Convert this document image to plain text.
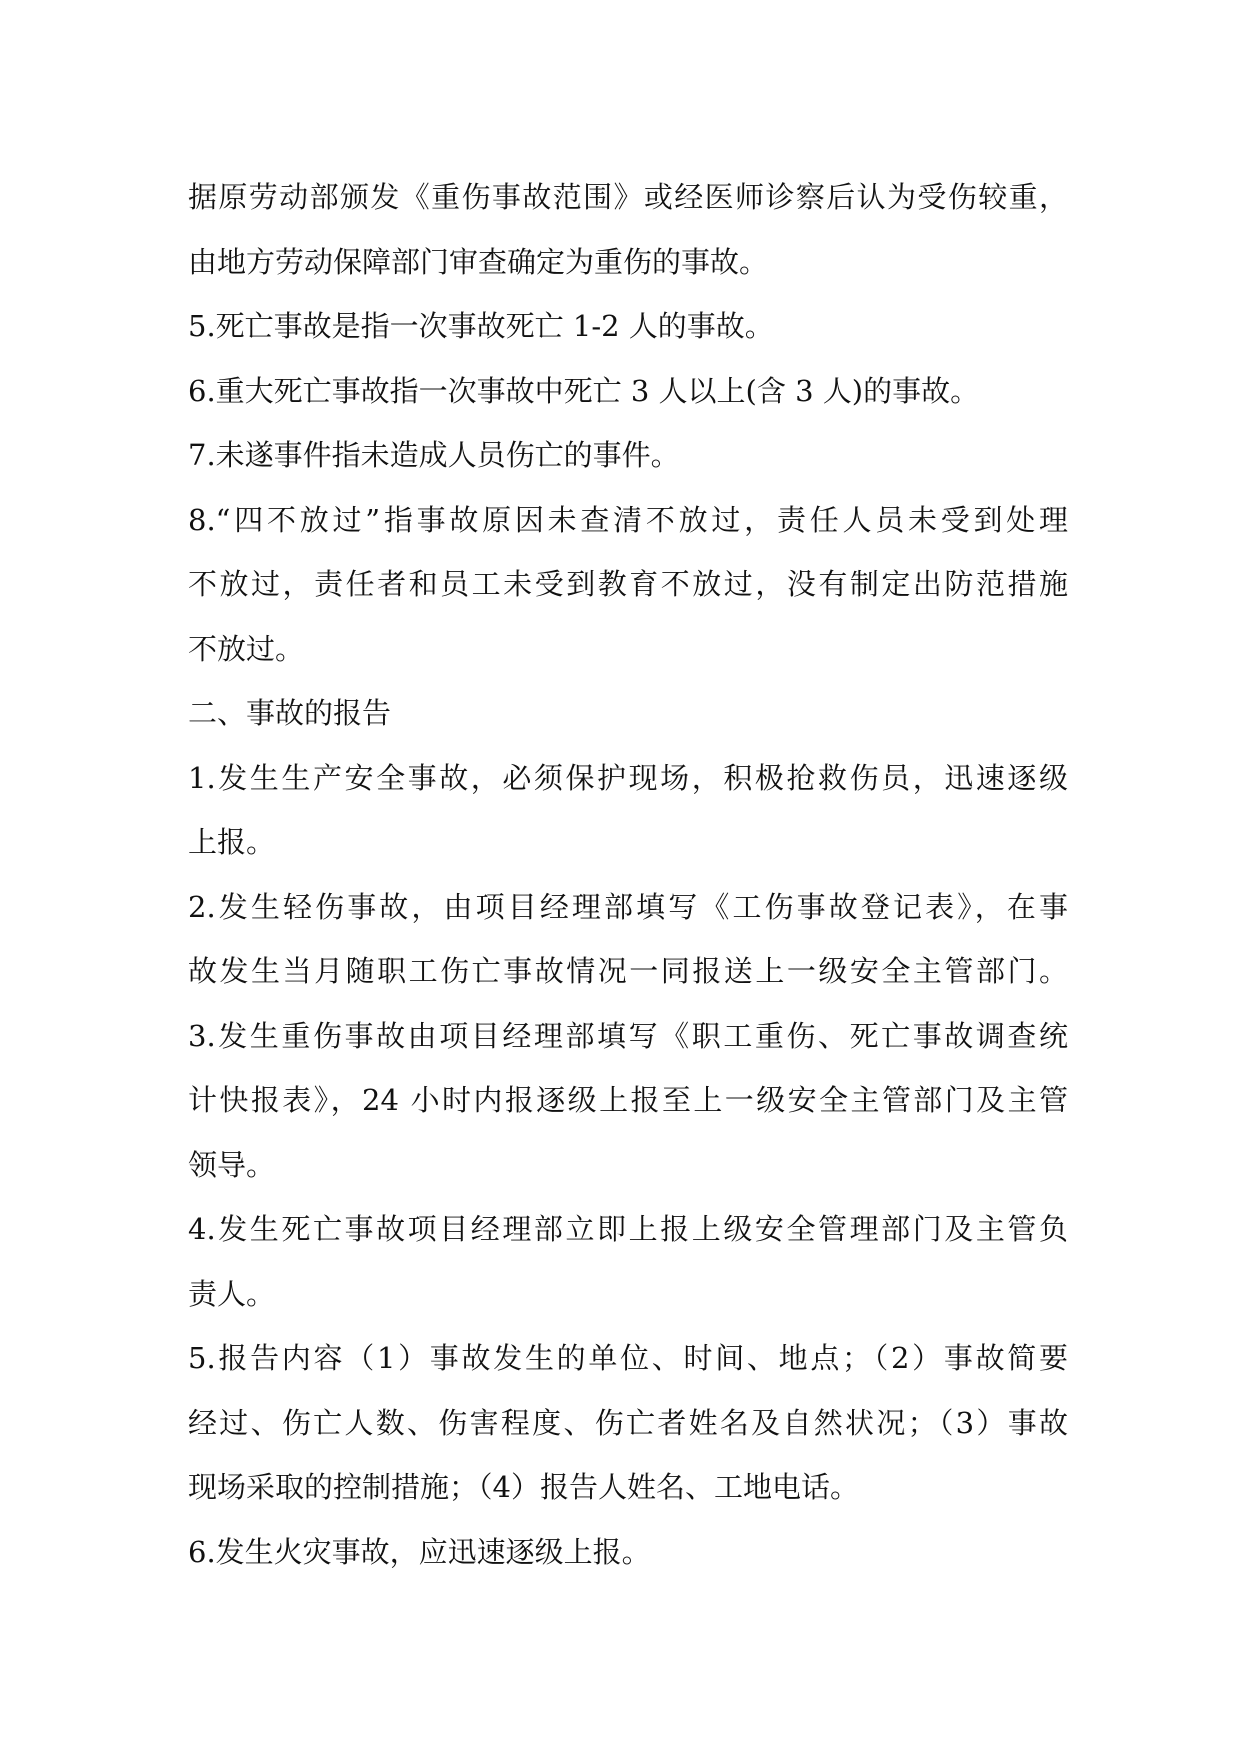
据原劳动部颁发《重伤事故范围》或经医师诊察后认为受伤较重，
由地方劳动保障部门审查确定为重伤的事故。
5.死亡事故是指一次事故死亡 1-2 人的事故。
6.重大死亡事故指一次事故中死亡 3 人以上(含 3 人)的事故。
7.未遂事件指未造成人员伤亡的事件。
8.“四不放过”指事故原因未查清不放过，责任人员未受到处理
不放过，责任者和员工未受到教育不放过，没有制定出防范措施
不放过。
二、事故的报告
1.发生生产安全事故，必须保护现场，积极抢救伤员，迅速逐级
上报。
2.发生轻伤事故，由项目经理部填写《工伤事故登记表》，在事
故发生当月随职工伤亡事故情况一同报送上一级安全主管部门。
3.发生重伤事故由项目经理部填写《职工重伤、死亡事故调查统
计快报表》，24 小时内报逐级上报至上一级安全主管部门及主管
领导。
4.发生死亡事故项目经理部立即上报上级安全管理部门及主管负
责人。
5.报告内容（1）事故发生的单位、时间、地点；（2）事故简要
经过、伤亡人数、伤害程度、伤亡者姓名及自然状况；（3）事故
现场采取的控制措施；（4）报告人姓名、工地电话。
6.发生火灾事故，应迅速逐级上报。
